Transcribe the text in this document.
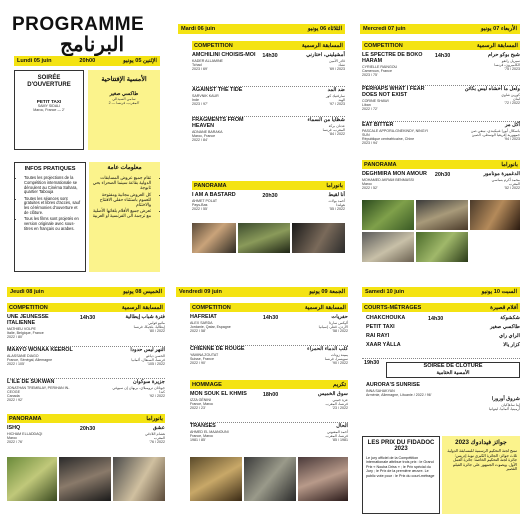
PROGRAMME
البرنامج
Lundi 05 juin	20h00	الإثنين 05 يونيو
SOIRÉE D'OUVERTURE
PETIT TAXI
SAMY SIDALI
Maroc, France — 2'
الأمسية الإفتتاحية
طاكسي صغير
سامي السيدالي
المغرب، فرنسا — 2'
INFOS PRATIQUES
• Toutes les projections de la Compétition internationale se déroulent au Cinéma Sahara, quartier Tabouja
• Toutes les séances sont gratuites et libres d'accès, sauf les cérémonies d'ouverture et de clôture.
• Tous les films sont projetés en version originale avec sous-titres en français ou arabes.
معلومات عامة
• تقام جميع عروض المسابقات الدولية بقاعة سينما الصحراء بحي تابوجة
• كل العروض مجانية ومفتوحة للعموم باستثناء حفلي الافتتاح والاختتام
• تعرض جميع الأفلام بلغاتها الأصلية مع ترجمة الى الفرنسية أو العربية
Mardi 06 juin	الثلاثاء 06 يونيو
COMPETITION	المسابقة الرسمية
AMCHILINI CHOISIS-MOI
KADER ALLAMINE
Tchad
2023 / 69'
14h30	أمشيليني، اختارني
قادر الأمين
تشاد
2023 / 69'
AGAINST THE TIDE
SARVNIK KAUR
Inde
2023 / 97'
ضد المد
سارفنيك كور
الهند
2023 / 97'
FRAGMENTS FROM HEAVEN
ADNANE BARAKA
Maroc, France
2022 / 84'
شظايا من السماء
عدنان بركة
المغرب، فرنسا
2022 / 84'
I AM A BASTARD
AHMET POLAT
Pays-Bas
2022 / 55'
20h30	أنا لقيط
أحمد بولات
هولندا
2022 / 55'
PANORAMA	بانوراما
Mercredi 07 juin	الأربعاء 07 يونيو
COMPETITION	المسابقة الرسمية
LE SPECTRE DE BOKO HARAM
CYRIELLE RAINGOU
Cameroun, France
2023 / 75'
14h30	شبح بوكو حرام
سيريل رانغو
الكاميرون، فرنسا
2023 / 75'
PERHAPS WHAT I FEAR DOES NOT EXIST
CORINE SHAWI
Liban
2022 / 72'
ولعل ما أخشاه ليس بكائن
كورين شاوي
لبنان
2022 / 72'
EAT BITTER
PASCALE APPORA-GNEKINDY, NINGYI SUN
République centrafricaine, Chine
2023 / 94'
أكل مر
باسكال أبورا غنيكيندي، نينغي صن
جمهورية إفريقيا الوسطى، الصين
2023 / 94'
DEGHMIRA MON AMOUR
MOHAMED AKRAM BENMASSI
Maroc
2022 / 52'
20h30	الدغميرة مونامور
محمد أكرم بنماسي
المغرب
2022 / 52'
PANORAMA	بانوراما
Jeudi 08 juin	الخميس 08 يونيو
COMPETITION	المسابقة الرسمية
UNE JEUNESSE ITALIENNE
MATHIEU VOLPE
Italie, Belgique, France
2022 / 80'
14h30	فترة شباب إيطالية
ماثيو فولبي
إيطاليا، بلجيكا، فرنسا
2022 / 80'
MAAYO WONAA KEEROL
ALASSANE DIAGO
France, Sénégal, Allemagne
2022 / 105'
النهر ليس حدودا
الحسن دياغو
فرنسا، السنغال، ألمانيا
2022 / 105'
L'ILE DE SUKWAN
JONATHAN TREMBLAY, PERIHAN IN-CEOGE
Canada
2022 / 92'
جزيرة سوكوان
جوناثان ترومبلاي، بريهان إن سيوغي
كندا
2022 / 92'
ISHQ
HICHAM ELLADDAQI
Maroc
2022 / 76'
20h30	عشق
هشام اللادقي
المغرب
2022 / 76'
PANORAMA	بانوراما
Vendredi 09 juin	الجمعة 09 يونيو
COMPETITION	المسابقة الرسمية
HAFREIAT
ALEX SARDA
Jordanie, Qatar, Espagne
2022 / 58'
14h30	حفريات
أليكس ساردا
الأردن، قطر، إسبانيا
2022 / 58'
CHIENNE DE ROUGE
YAMINA ZOUTAT
Suisse, France
2022 / 90'
كلب الدماء الحمراء
يمينة زوتات
سويسرا، فرنسا
2022 / 90'
HOMMAGE	تكريم
MON SOUK EL KHMIS
IZZA GÉNINI
France, Maroc
2022 / 23'
18h00	سوق الخميس
عزة جنيني
فرنسا، المغرب
2022 / 23'
TRANSES
AHMED EL MAANOUNI
France, Maroc
1981 / 85'
الحال
أحمد المعنوني
فرنسا، المغرب
1981 / 85'
Samedi 10 juin	السبت 10 يونيو
COURTS-MÉTRAGES	أفلام قصيرة
14h30
CHAKCHOUKA	شكشوكة
PETIT TAXI	طاكسي صغير
RAI RAYI	الراي راي
XAAR YÀLLA	كزار يالا
19h30	SOIRÉE DE CLÔTURE
الأمسية الختامية
AURORA'S SUNRISE
INNA SAHAKYAN
Arménie, Allemagne, Lituanie / 2022 / 96'
شروق أورورا
إينا ساهاكيان
أرمينيا، ألمانيا، ليتوانيا
LES PRIX DU FIDADOC 2023
Le jury officiel de la Compétition internationale attribue trois prix : le Grand Prix « Nouba Driss » ; le Prix spécial du Jury ; le Prix de la première œuvre. Le public vote pour : le Prix du court-métrage
جوائز فيدادوك 2023
تمنح لجنة التحكيم الرسمية للمسابقة الدولية ثلاث جوائز: الجائزة الكبرى نوبة إدريس؛ جائزة لجنة التحكيم الخاصة؛ جائزة العمل الأول. ويصوت الجمهور على جائزة الفيلم القصير
